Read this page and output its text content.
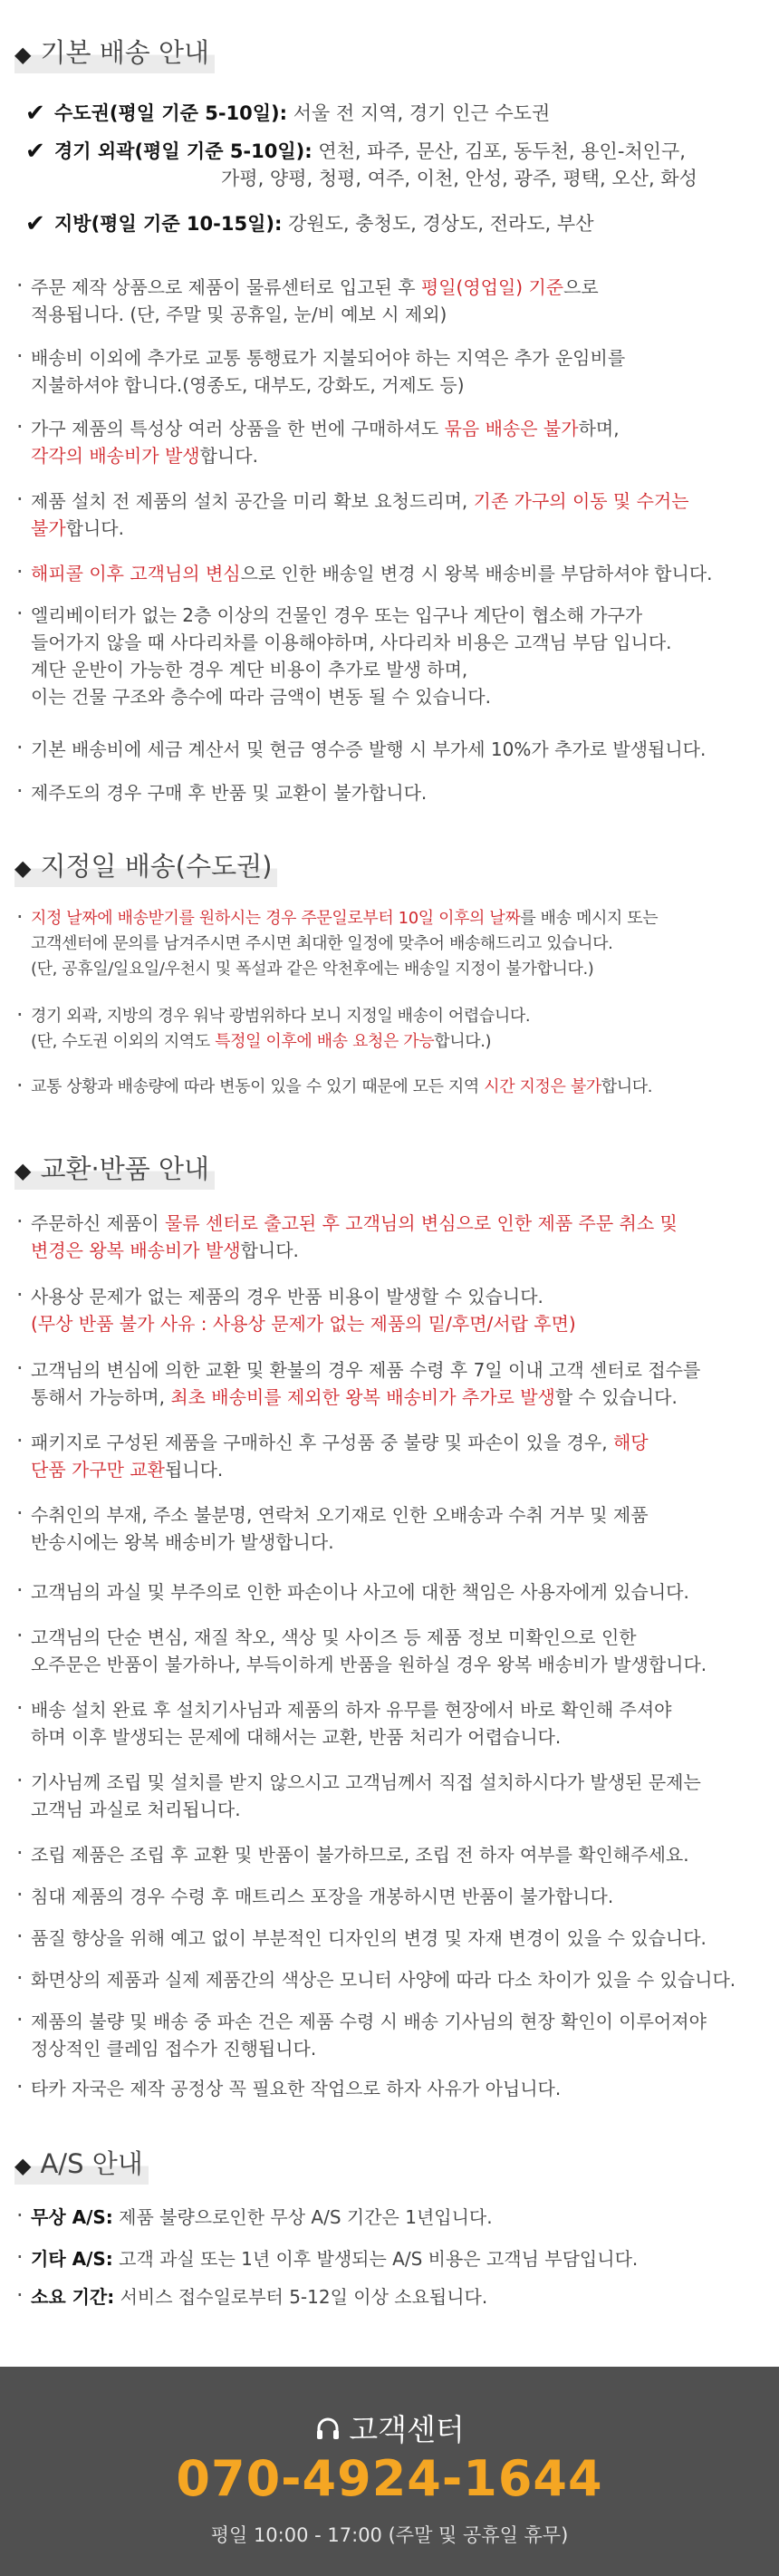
◆ 기본 배송 안내
✔ 수도권(평일 기준 5-10일): 서울 전 지역, 경기 인근 수도권
✔ 경기 외곽(평일 기준 5-10일): 연천, 파주, 문산, 김포, 동두천, 용인-처인구,
가평, 양평, 청평, 여주, 이천, 안성, 광주, 평택, 오산, 화성
✔ 지방(평일 기준 10-15일): 강원도, 충청도, 경상도, 전라도, 부산
· 주문 제작 상품으로 제품이 물류센터로 입고된 후 평일(영업일) 기준으로
적용됩니다. (단, 주말 및 공휴일, 눈/비 예보 시 제외)
· 배송비 이외에 추가로 교통 통행료가 지불되어야 하는 지역은 추가 운임비를
지불하셔야 합니다.(영종도, 대부도, 강화도, 거제도 등)
· 가구 제품의 특성상 여러 상품을 한 번에 구매하셔도 묶음 배송은 불가하며,
각각의 배송비가 발생합니다.
· 제품 설치 전 제품의 설치 공간을 미리 확보 요청드리며, 기존 가구의 이동 및 수거는
불가합니다.
· 해피콜 이후 고객님의 변심으로 인한 배송일 변경 시 왕복 배송비를 부담하셔야 합니다.
· 엘리베이터가 없는 2층 이상의 건물인 경우 또는 입구나 계단이 협소해 가구가
들어가지 않을 때 사다리차를 이용해야하며, 사다리차 비용은 고객님 부담 입니다.
계단 운반이 가능한 경우 계단 비용이 추가로 발생 하며,
이는 건물 구조와 층수에 따라 금액이 변동 될 수 있습니다.
· 기본 배송비에 세금 계산서 및 현금 영수증 발행 시 부가세 10%가 추가로 발생됩니다.
· 제주도의 경우 구매 후 반품 및 교환이 불가합니다.
◆ 지정일 배송(수도권)
· 지정 날짜에 배송받기를 원하시는 경우 주문일로부터 10일 이후의 날짜를 배송 메시지 또는
고객센터에 문의를 남겨주시면 주시면 최대한 일정에 맞추어 배송해드리고 있습니다.
(단, 공휴일/일요일/우천시 및 폭설과 같은 악천후에는 배송일 지정이 불가합니다.)
· 경기 외곽, 지방의 경우 워낙 광범위하다 보니 지정일 배송이 어렵습니다.
(단, 수도권 이외의 지역도 특정일 이후에 배송 요청은 가능합니다.)
· 교통 상황과 배송량에 따라 변동이 있을 수 있기 때문에 모든 지역 시간 지정은 불가합니다.
◆ 교환·반품 안내
· 주문하신 제품이 물류 센터로 출고된 후 고객님의 변심으로 인한 제품 주문 취소 및
변경은 왕복 배송비가 발생합니다.
· 사용상 문제가 없는 제품의 경우 반품 비용이 발생할 수 있습니다.
(무상 반품 불가 사유 : 사용상 문제가 없는 제품의 밑/후면/서랍 후면)
· 고객님의 변심에 의한 교환 및 환불의 경우 제품 수령 후 7일 이내 고객 센터로 접수를
통해서 가능하며, 최초 배송비를 제외한 왕복 배송비가 추가로 발생할 수 있습니다.
· 패키지로 구성된 제품을 구매하신 후 구성품 중 불량 및 파손이 있을 경우, 해당
단품 가구만 교환됩니다.
· 수취인의 부재, 주소 불분명, 연락처 오기재로 인한 오배송과 수취 거부 및 제품
반송시에는 왕복 배송비가 발생합니다.
· 고객님의 과실 및 부주의로 인한 파손이나 사고에 대한 책임은 사용자에게 있습니다.
· 고객님의 단순 변심, 재질 착오, 색상 및 사이즈 등 제품 정보 미확인으로 인한
오주문은 반품이 불가하나, 부득이하게 반품을 원하실 경우 왕복 배송비가 발생합니다.
· 배송 설치 완료 후 설치기사님과 제품의 하자 유무를 현장에서 바로 확인해 주셔야
하며 이후 발생되는 문제에 대해서는 교환, 반품 처리가 어렵습니다.
· 기사님께 조립 및 설치를 받지 않으시고 고객님께서 직접 설치하시다가 발생된 문제는
고객님 과실로 처리됩니다.
· 조립 제품은 조립 후 교환 및 반품이 불가하므로, 조립 전 하자 여부를 확인해주세요.
· 침대 제품의 경우 수령 후 매트리스 포장을 개봉하시면 반품이 불가합니다.
· 품질 향상을 위해 예고 없이 부분적인 디자인의 변경 및 자재 변경이 있을 수 있습니다.
· 화면상의 제품과 실제 제품간의 색상은 모니터 사양에 따라 다소 차이가 있을 수 있습니다.
· 제품의 불량 및 배송 중 파손 건은 제품 수령 시 배송 기사님의 현장 확인이 이루어져야
정상적인 클레임 접수가 진행됩니다.
· 타카 자국은 제작 공정상 꼭 필요한 작업으로 하자 사유가 아닙니다.
◆ A/S 안내
· 무상 A/S: 제품 불량으로인한 무상 A/S 기간은 1년입니다.
· 기타 A/S: 고객 과실 또는 1년 이후 발생되는 A/S 비용은 고객님 부담입니다.
· 소요 기간: 서비스 접수일로부터 5-12일 이상 소요됩니다.
고객센터
070-4924-1644
평일 10:00 - 17:00 (주말 및 공휴일 휴무)
